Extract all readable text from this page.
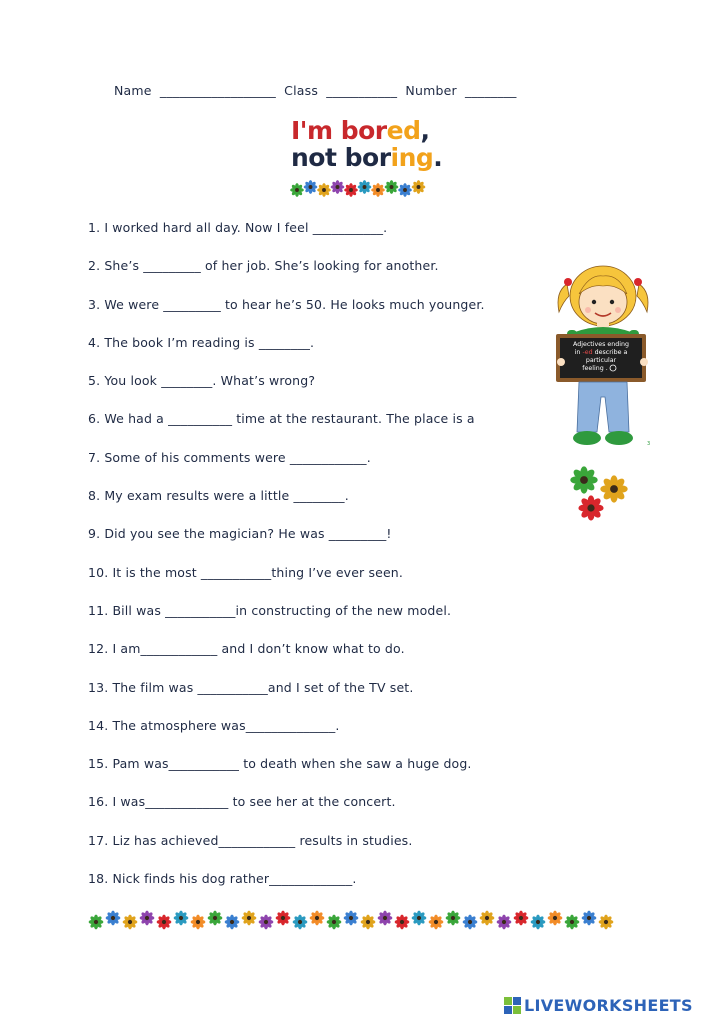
Name __________________ Class ___________ Number ________
I'm bored,
not boring.
1. I worked hard all day. Now I feel ___________.
2. She’s _________ of her job. She’s looking for another.
3. We were _________ to hear he’s 50. He looks much younger.
4. The book I’m reading is ________.
5. You look ________. What’s wrong?
6. We had a __________ time at the restaurant. The place is a
7. Some of his comments were ____________.
8. My exam results were a little ________.
9. Did you see the magician? He was _________!
10. It is the most ___________thing I’ve ever seen.
11. Bill was ___________in constructing of the new model.
12. I am____________ and I don’t know what to do.
13. The film was ___________and I set of the TV set.
14. The atmosphere was______________.
15. Pam was___________ to death when she saw a huge dog.
16. I was_____________ to see her at the concert.
17. Liz has achieved____________ results in studies.
18. Nick finds his dog rather_____________.
Adjectives ending
in -ed describe a
particular
feeling .
3
LIVEWORKSHEETS
